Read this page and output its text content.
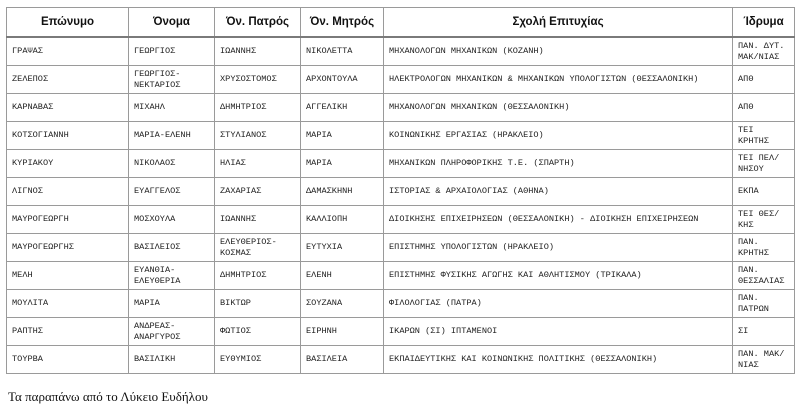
Επώνυμο	Όνομα	Όν. Πατρός	Όν. Μητρός	Σχολή Επιτυχίας	Ίδρυμα
ΓΡΑΨΑΣ	ΓΕΩΡΓΙΟΣ	ΙΩΑΝΝΗΣ	ΝΙΚΟΛΕΤΤΑ	ΜΗΧΑΝΟΛΟΓΩΝ ΜΗΧΑΝΙΚΩΝ (ΚΟΖΑΝΗ)	ΠΑΝ. ΔΥΤ. ΜΑΚ/ΝΙΑΣ
ΖΕΛΕΠΟΣ	ΓΕΩΡΓΙΟΣ-ΝΕΚΤΑΡΙΟΣ	ΧΡΥΣΟΣΤΟΜΟΣ	ΑΡΧΟΝΤΟΥΛΑ	ΗΛΕΚΤΡΟΛΟΓΩΝ ΜΗΧΑΝΙΚΩΝ & ΜΗΧΑΝΙΚΩΝ ΥΠΟΛΟΓΙΣΤΩΝ (ΘΕΣΣΑΛΟΝΙΚΗ)	ΑΠΘ
ΚΑΡΝΑΒΑΣ	ΜΙΧΑΗΛ	ΔΗΜΗΤΡΙΟΣ	ΑΓΓΕΛΙΚΗ	ΜΗΧΑΝΟΛΟΓΩΝ ΜΗΧΑΝΙΚΩΝ (ΘΕΣΣΑΛΟΝΙΚΗ)	ΑΠΘ
ΚΟΤΣΟΓΙΑΝΝΗ	ΜΑΡΙΑ-ΕΛΕΝΗ	ΣΤΥΛΙΑΝΟΣ	ΜΑΡΙΑ	ΚΟΙΝΩΝΙΚΗΣ ΕΡΓΑΣΙΑΣ (ΗΡΑΚΛΕΙΟ)	ΤΕΙ ΚΡΗΤΗΣ
ΚΥΡΙΑΚΟΥ	ΝΙΚΟΛΑΟΣ	ΗΛΙΑΣ	ΜΑΡΙΑ	ΜΗΧΑΝΙΚΩΝ ΠΛΗΡΟΦΟΡΙΚΗΣ Τ.Ε. (ΣΠΑΡΤΗ)	ΤΕΙ ΠΕΛ/ΝΗΣΟΥ
ΛΙΓΝΟΣ	ΕΥΑΓΓΕΛΟΣ	ΖΑΧΑΡΙΑΣ	ΔΑΜΑΣΚΗΝΗ	ΙΣΤΟΡΙΑΣ & ΑΡΧΑΙΟΛΟΓΙΑΣ (ΑΘΗΝΑ)	ΕΚΠΑ
ΜΑΥΡΟΓΕΩΡΓΗ	ΜΟΣΧΟΥΛΑ	ΙΩΑΝΝΗΣ	ΚΑΛΛΙΟΠΗ	ΔΙΟΙΚΗΣΗΣ ΕΠΙΧΕΙΡΗΣΕΩΝ (ΘΕΣΣΑΛΟΝΙΚΗ) - ΔΙΟΙΚΗΣΗ ΕΠΙΧΕΙΡΗΣΕΩΝ	ΤΕΙ ΘΕΣ/ΚΗΣ
ΜΑΥΡΟΓΕΩΡΓΗΣ	ΒΑΣΙΛΕΙΟΣ	ΕΛΕΥΘΕΡΙΟΣ-ΚΟΣΜΑΣ	ΕΥΤΥΧΙΑ	ΕΠΙΣΤΗΜΗΣ ΥΠΟΛΟΓΙΣΤΩΝ (ΗΡΑΚΛΕΙΟ)	ΠΑΝ. ΚΡΗΤΗΣ
ΜΕΛΗ	ΕΥΑΝΘΙΑ-ΕΛΕΥΘΕΡΙΑ	ΔΗΜΗΤΡΙΟΣ	ΕΛΕΝΗ	ΕΠΙΣΤΗΜΗΣ ΦΥΣΙΚΗΣ ΑΓΩΓΗΣ ΚΑΙ ΑΘΛΗΤΙΣΜΟΥ (ΤΡΙΚΑΛΑ)	ΠΑΝ. ΘΕΣΣΑΛΙΑΣ
ΜΟΥΛΙΤΑ	ΜΑΡΙΑ	ΒΙΚΤΩΡ	ΣΟΥΖΑΝΑ	ΦΙΛΟΛΟΓΙΑΣ (ΠΑΤΡΑ)	ΠΑΝ. ΠΑΤΡΩΝ
ΡΑΠΤΗΣ	ΑΝΔΡΕΑΣ-ΑΝΑΡΓΥΡΟΣ	ΦΩΤΙΟΣ	ΕΙΡΗΝΗ	ΙΚΑΡΩΝ (ΣΙ) ΙΠΤΑΜΕΝΟΙ	ΣΙ
ΤΟΥΡΒΑ	ΒΑΣΙΛΙΚΗ	ΕΥΘΥΜΙΟΣ	ΒΑΣΙΛΕΙΑ	ΕΚΠΑΙΔΕΥΤΙΚΗΣ ΚΑΙ ΚΟΙΝΩΝΙΚΗΣ ΠΟΛΙΤΙΚΗΣ (ΘΕΣΣΑΛΟΝΙΚΗ)	ΠΑΝ. ΜΑΚ/ΝΙΑΣ
Τα παραπάνω από το Λύκειο Ευδήλου
